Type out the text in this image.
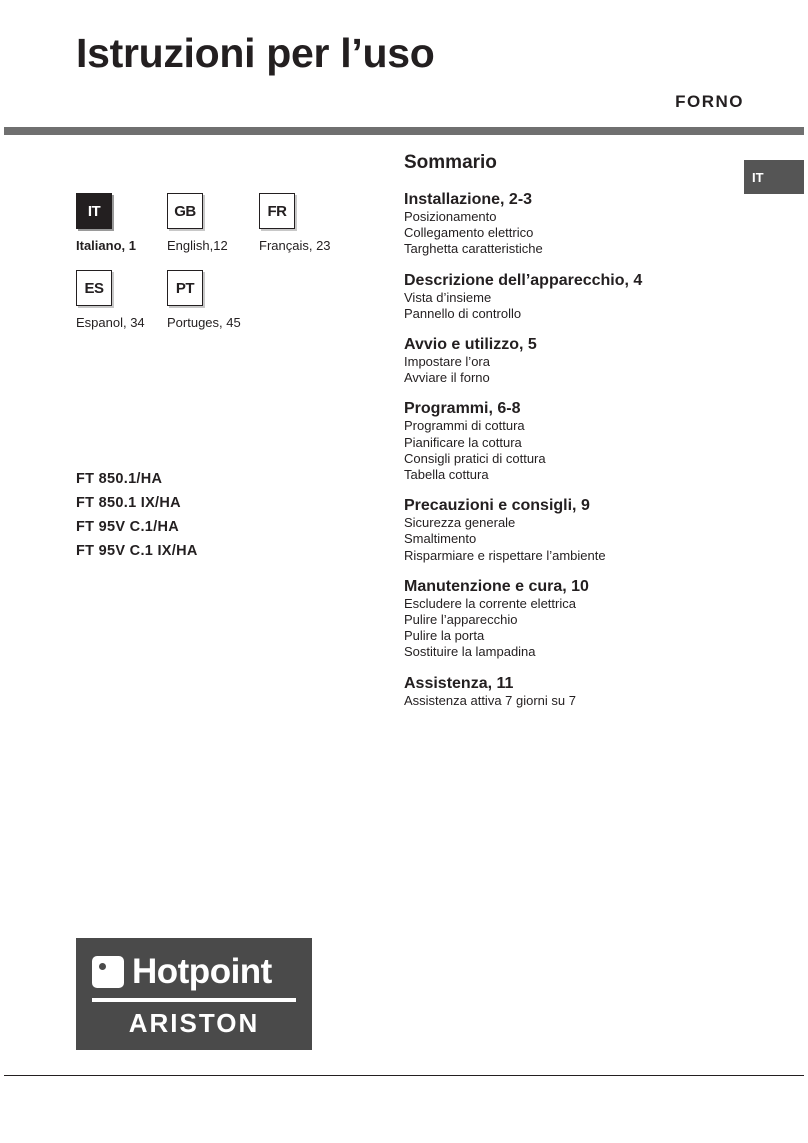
Istruzioni per l’uso
FORNO
IT
IT
Italiano, 1
GB
English,12
FR
Français, 23
ES
Espanol, 34
PT
Portuges, 45
FT 850.1/HA
FT 850.1 IX/HA
FT 95V C.1/HA
FT 95V C.1 IX/HA
Sommario
Installazione, 2-3
Posizionamento
Collegamento elettrico
Targhetta caratteristiche
Descrizione dell’apparecchio, 4
Vista d’insieme
Pannello di controllo
Avvio e utilizzo, 5
Impostare l’ora
Avviare il forno
Programmi, 6-8
Programmi di cottura
Pianificare la cottura
Consigli pratici di cottura
Tabella cottura
Precauzioni e consigli, 9
Sicurezza generale
Smaltimento
Risparmiare e rispettare l’ambiente
Manutenzione e cura, 10
Escludere la corrente elettrica
Pulire l’apparecchio
Pulire la porta
Sostituire la lampadina
Assistenza, 11
Assistenza attiva 7 giorni su 7
Hotpoint
ARISTON
